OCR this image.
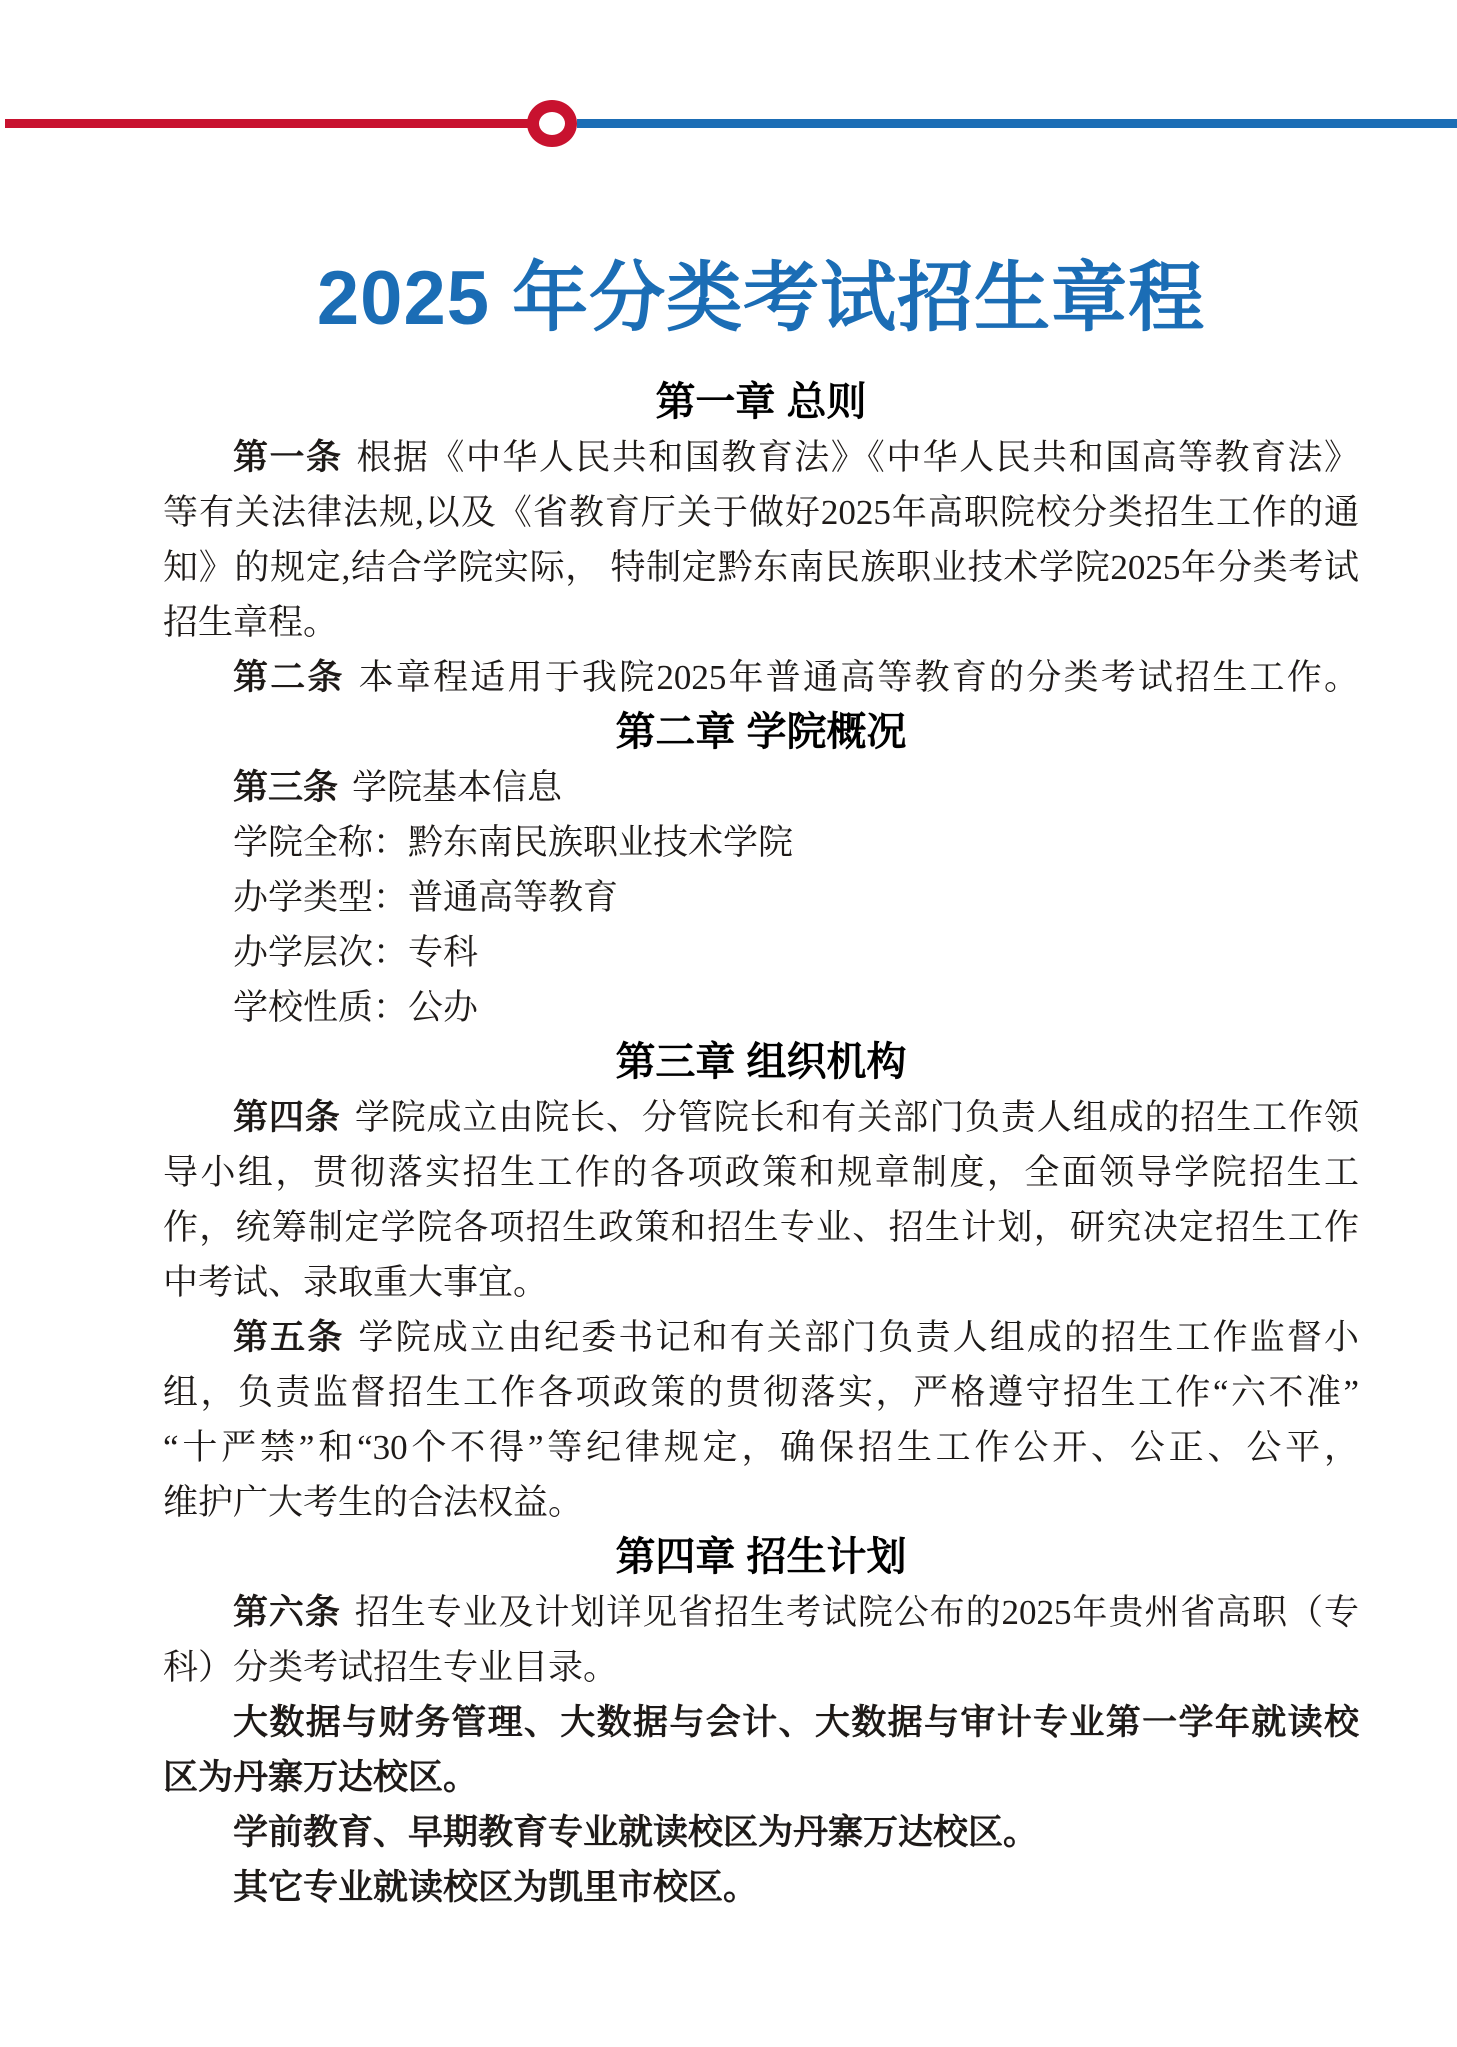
2025 年分类考试招生章程
第一章 总则
第一条 根据《中华人民共和国教育法》《中华人民共和国高等教育法》
等有关法律法规,以及《省教育厅关于做好2025年高职院校分类招生工作的通
知》的规定,结合学院实际， 特制定黔东南民族职业技术学院2025年分类考试
招生章程。
第二条 本章程适用于我院2025年普通高等教育的分类考试招生工作。
第二章 学院概况
第三条 学院基本信息
学院全称：黔东南民族职业技术学院
办学类型：普通高等教育
办学层次：专科
学校性质：公办
第三章 组织机构
第四条 学院成立由院长、分管院长和有关部门负责人组成的招生工作领
导小组，贯彻落实招生工作的各项政策和规章制度，全面领导学院招生工
作，统筹制定学院各项招生政策和招生专业、招生计划，研究决定招生工作
中考试、录取重大事宜。
第五条 学院成立由纪委书记和有关部门负责人组成的招生工作监督小
组，负责监督招生工作各项政策的贯彻落实，严格遵守招生工作“六不准”
“十严禁”和“30个不得”等纪律规定，确保招生工作公开、公正、公平，
维护广大考生的合法权益。
第四章 招生计划
第六条 招生专业及计划详见省招生考试院公布的2025年贵州省高职（专
科）分类考试招生专业目录。
大数据与财务管理、大数据与会计、大数据与审计专业第一学年就读校
区为丹寨万达校区。
学前教育、早期教育专业就读校区为丹寨万达校区。
其它专业就读校区为凯里市校区。
